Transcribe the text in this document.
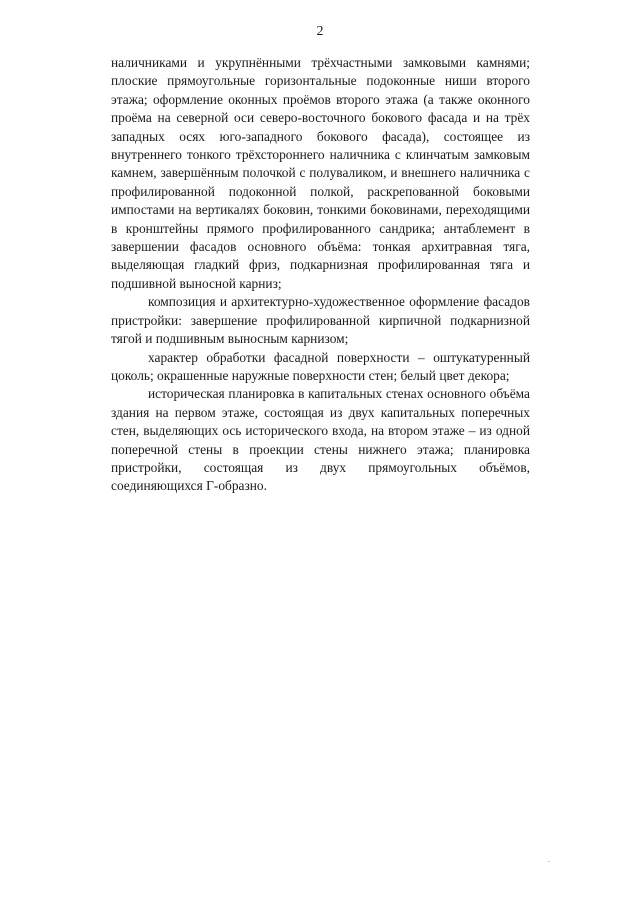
2

наличниками и укрупнёнными трёхчастными замковыми камнями; плоские прямоугольные горизонтальные подоконные ниши второго этажа; оформление оконных проёмов второго этажа (а также оконного проёма на северной оси северо-восточного бокового фасада и на трёх западных осях юго-западного бокового фасада), состоящее из внутреннего тонкого трёхстороннего наличника с клинчатым замковым камнем, завершённым полочкой с полуваликом, и внешнего наличника с профилированной подоконной полкой, раскрепованной боковыми импостами на вертикалях боковин, тонкими боковинами, переходящими в кронштейны прямого профилированного сандрика; антаблемент в завершении фасадов основного объёма: тонкая архитравная тяга, выделяющая гладкий фриз, подкарнизная профилированная тяга и подшивной выносной карниз;

композиция и архитектурно-художественное оформление фасадов пристройки: завершение профилированной кирпичной подкарнизной тягой и подшивным выносным карнизом;

характер обработки фасадной поверхности – оштукатуренный цоколь; окрашенные наружные поверхности стен; белый цвет декора;

историческая планировка в капитальных стенах основного объёма здания на первом этаже, состоящая из двух капитальных поперечных стен, выделяющих ось исторического входа, на втором этаже – из одной поперечной стены в проекции стены нижнего этажа; планировка пристройки, состоящая из двух прямоугольных объёмов, соединяющихся Г-образно.
